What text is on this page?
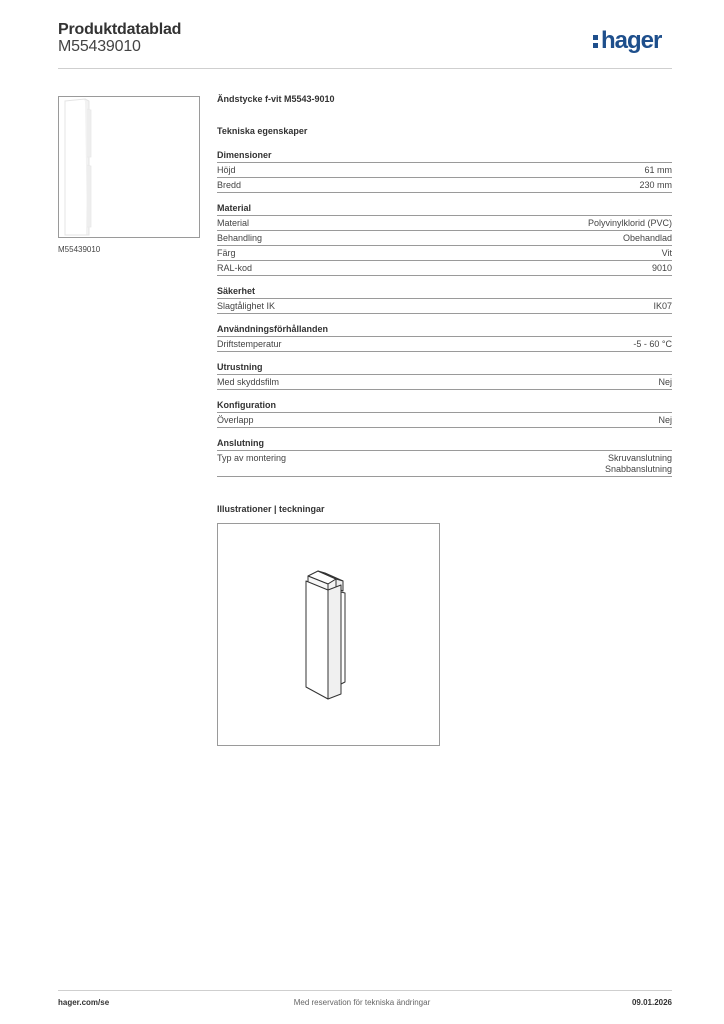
Produktdatablad
M55439010	hager
M55439010
Ändstycke f-vit M5543-9010
Tekniska egenskaper
Dimensioner
Höjd	61 mm
Bredd	230 mm
Material
Material	Polyvinylklorid (PVC)
Behandling	Obehandlad
Färg	Vit
RAL-kod	9010
Säkerhet
Slagtålighet IK	IK07
Användningsförhållanden
Driftstemperatur	-5 - 60 °C
Utrustning
Med skyddsfilm	Nej
Konfiguration
Överlapp	Nej
Anslutning
Typ av montering	Skruvanslutning
Snabbanslutning
Illustrationer | teckningar
Med reservation för tekniska ändringar
hager.com/se	09.01.2026
